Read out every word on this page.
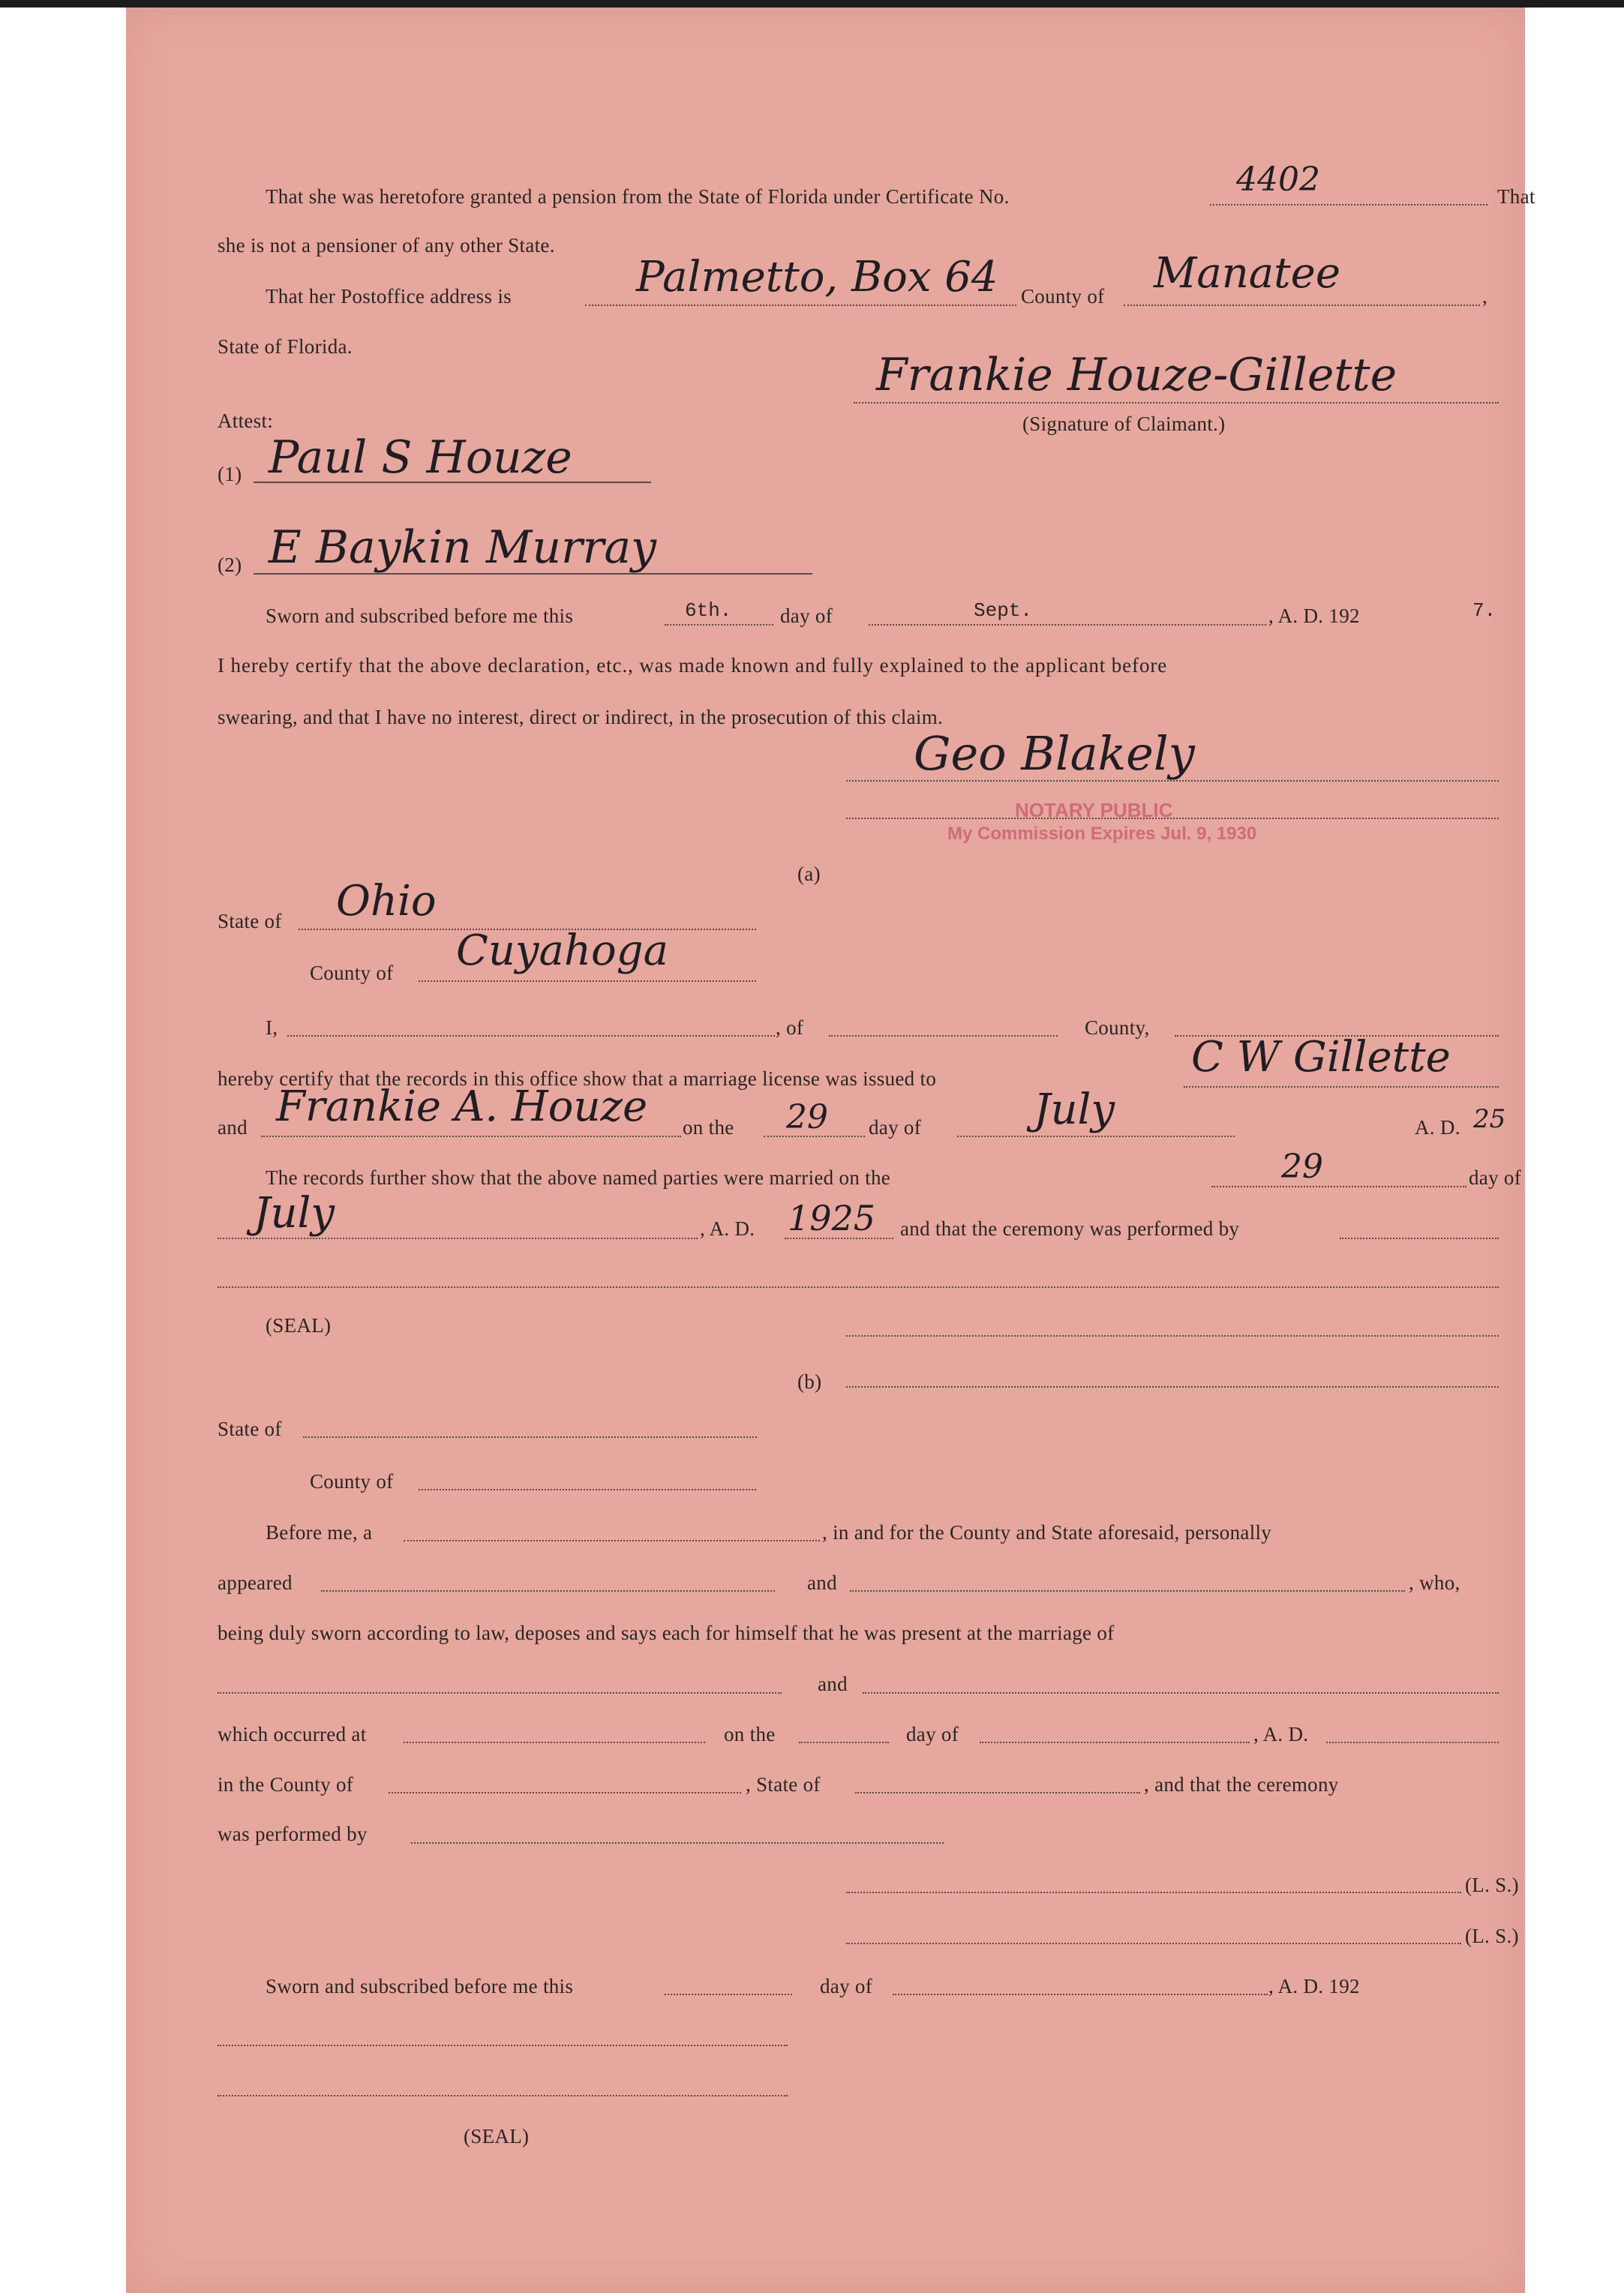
That she was heretofore granted a pension from the State of Florida under Certificate No.	4402	That
she is not a pensioner of any other State.
That her Postoffice address is	Palmetto, Box 64 County of Manatee	,
State of Florida.
Frankie Houze-Gillette
(Signature of Claimant.)
Attest:
(1) Paul S Houze
(2) E Baykin Murray
Sworn and subscribed before me this	6th. day of	Sept.	, A. D. 192	7.
I hereby certify that the above declaration, etc., was made known and fully explained to the applicant before
swearing, and that I have no interest, direct or indirect, in the prosecution of this claim.
Geo Blakely
NOTARY PUBLIC
My Commission Expires Jul. 9, 1930
(a)
State of Ohio
County of Cuyahoga
I,	, of	County,
hereby certify that the records in this office show that a marriage license was issued to	C W Gillette
and Frankie A. Houze on the 29 day of	July	A. D. 25
The records further show that the above named parties were married on the	29	day of
July	, A. D. 1925 and that the ceremony was performed by
(SEAL)
(b)
State of
County of
Before me, a	, in and for the County and State aforesaid, personally
appeared	and	, who,
being duly sworn according to law, deposes and says each for himself that he was present at the marriage of
and
which occurred at	on the	day of	, A. D.
in the County of	, State of	, and that the ceremony
was performed by
(L. S.)
(L. S.)
Sworn and subscribed before me this	day of	, A. D. 192
(SEAL)
